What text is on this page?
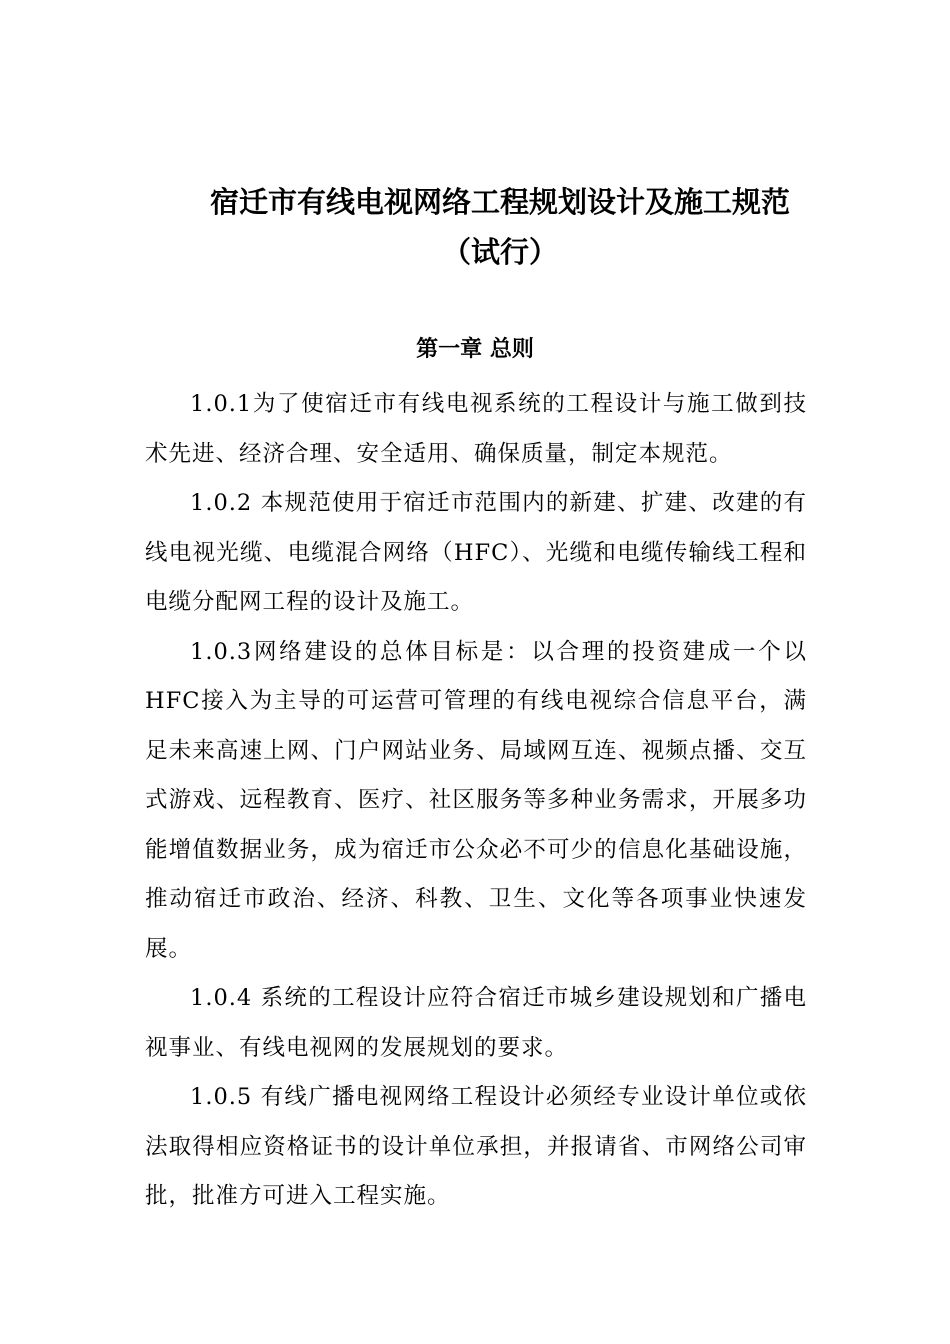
宿迁市有线电视网络工程规划设计及施工规范
（试行）
第一章 总则

1.0.1为了使宿迁市有线电视系统的工程设计与施工做到技术先进、经济合理、安全适用、确保质量，制定本规范。

1.0.2 本规范使用于宿迁市范围内的新建、扩建、改建的有线电视光缆、电缆混合网络（HFC）、光缆和电缆传输线工程和电缆分配网工程的设计及施工。

1.0.3网络建设的总体目标是：以合理的投资建成一个以HFC接入为主导的可运营可管理的有线电视综合信息平台，满足未来高速上网、门户网站业务、局域网互连、视频点播、交互式游戏、远程教育、医疗、社区服务等多种业务需求，开展多功能增值数据业务，成为宿迁市公众必不可少的信息化基础设施，推动宿迁市政治、经济、科教、卫生、文化等各项事业快速发展。

1.0.4 系统的工程设计应符合宿迁市城乡建设规划和广播电视事业、有线电视网的发展规划的要求。

1.0.5 有线广播电视网络工程设计必须经专业设计单位或依法取得相应资格证书的设计单位承担，并报请省、市网络公司审批，批准方可进入工程实施。
